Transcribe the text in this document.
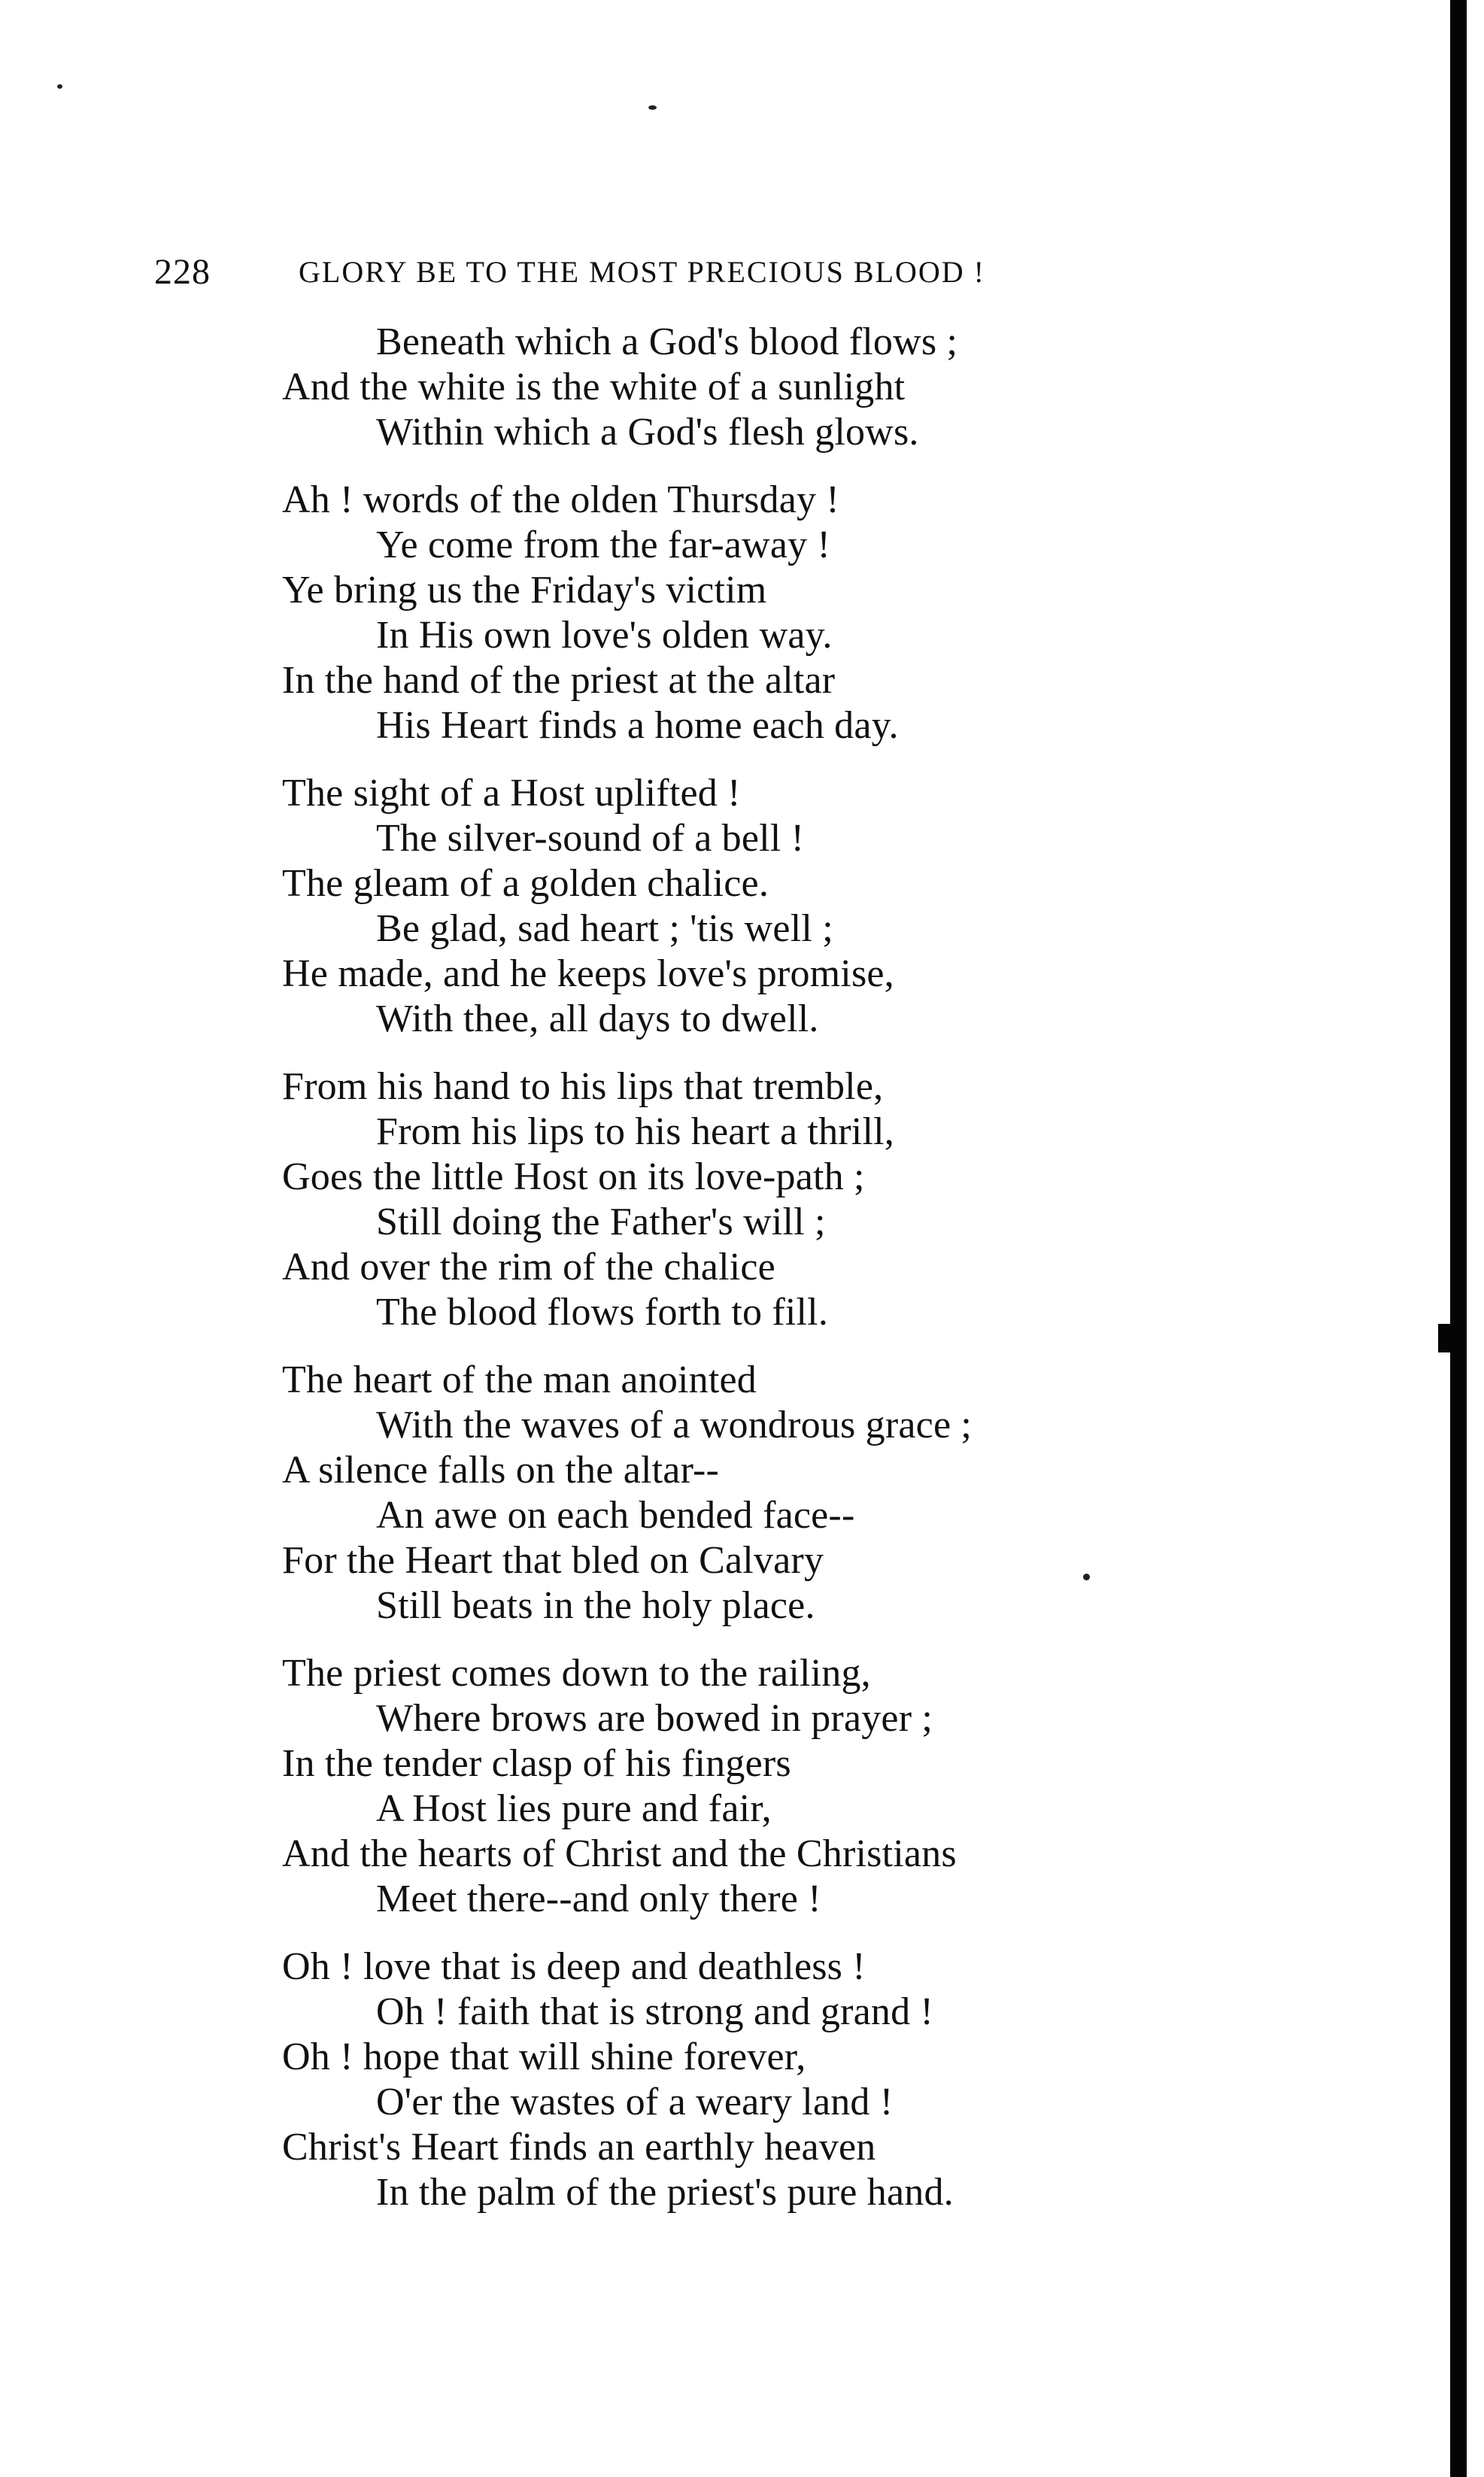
228	GLORY BE TO THE MOST PRECIOUS BLOOD !
Beneath which a God's blood flows ;
And the white is the white of a sunlight
Within which a God's flesh glows.
Ah ! words of the olden Thursday !
Ye come from the far-away !
Ye bring us the Friday's victim
In His own love's olden way.
In the hand of the priest at the altar
His Heart finds a home each day.
The sight of a Host uplifted !
The silver-sound of a bell !
The gleam of a golden chalice.
Be glad, sad heart ; 'tis well ;
He made, and he keeps love's promise,
With thee, all days to dwell.
From his hand to his lips that tremble,
From his lips to his heart a thrill,
Goes the little Host on its love-path ;
Still doing the Father's will ;
And over the rim of the chalice
The blood flows forth to fill.
The heart of the man anointed
With the waves of a wondrous grace ;
A silence falls on the altar--
An awe on each bended face--
For the Heart that bled on Calvary
Still beats in the holy place.
The priest comes down to the railing,
Where brows are bowed in prayer ;
In the tender clasp of his fingers
A Host lies pure and fair,
And the hearts of Christ and the Christians
Meet there--and only there !
Oh ! love that is deep and deathless !
Oh ! faith that is strong and grand !
Oh ! hope that will shine forever,
O'er the wastes of a weary land !
Christ's Heart finds an earthly heaven
In the palm of the priest's pure hand.
